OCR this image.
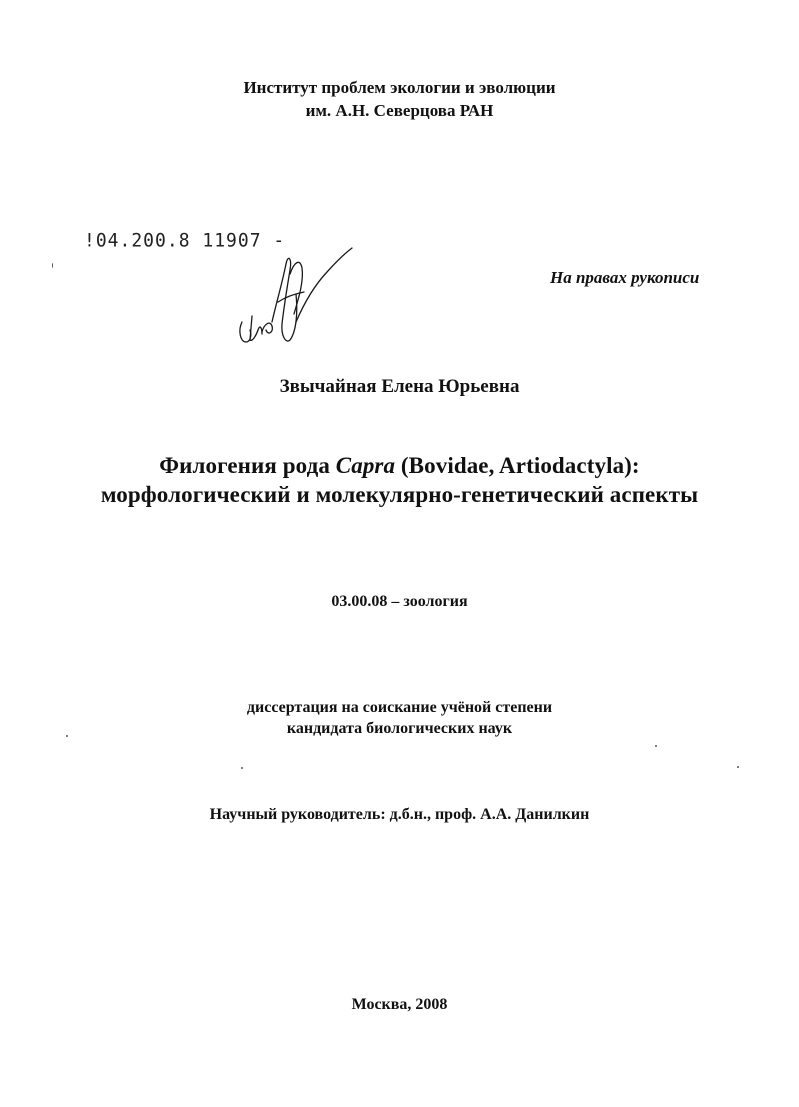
Институт проблем экологии и эволюции
им. А.Н. Северцова РАН
!04.200.8 11907 -
На правах рукописи
Звычайная Елена Юрьевна
Филогения рода Capra (Bovidae, Artiodactyla):
морфологический и молекулярно-генетический аспекты
03.00.08 – зоология
диссертация на соискание учёной степени
кандидата биологических наук
Научный руководитель: д.б.н., проф. А.А. Данилкин
Москва, 2008
